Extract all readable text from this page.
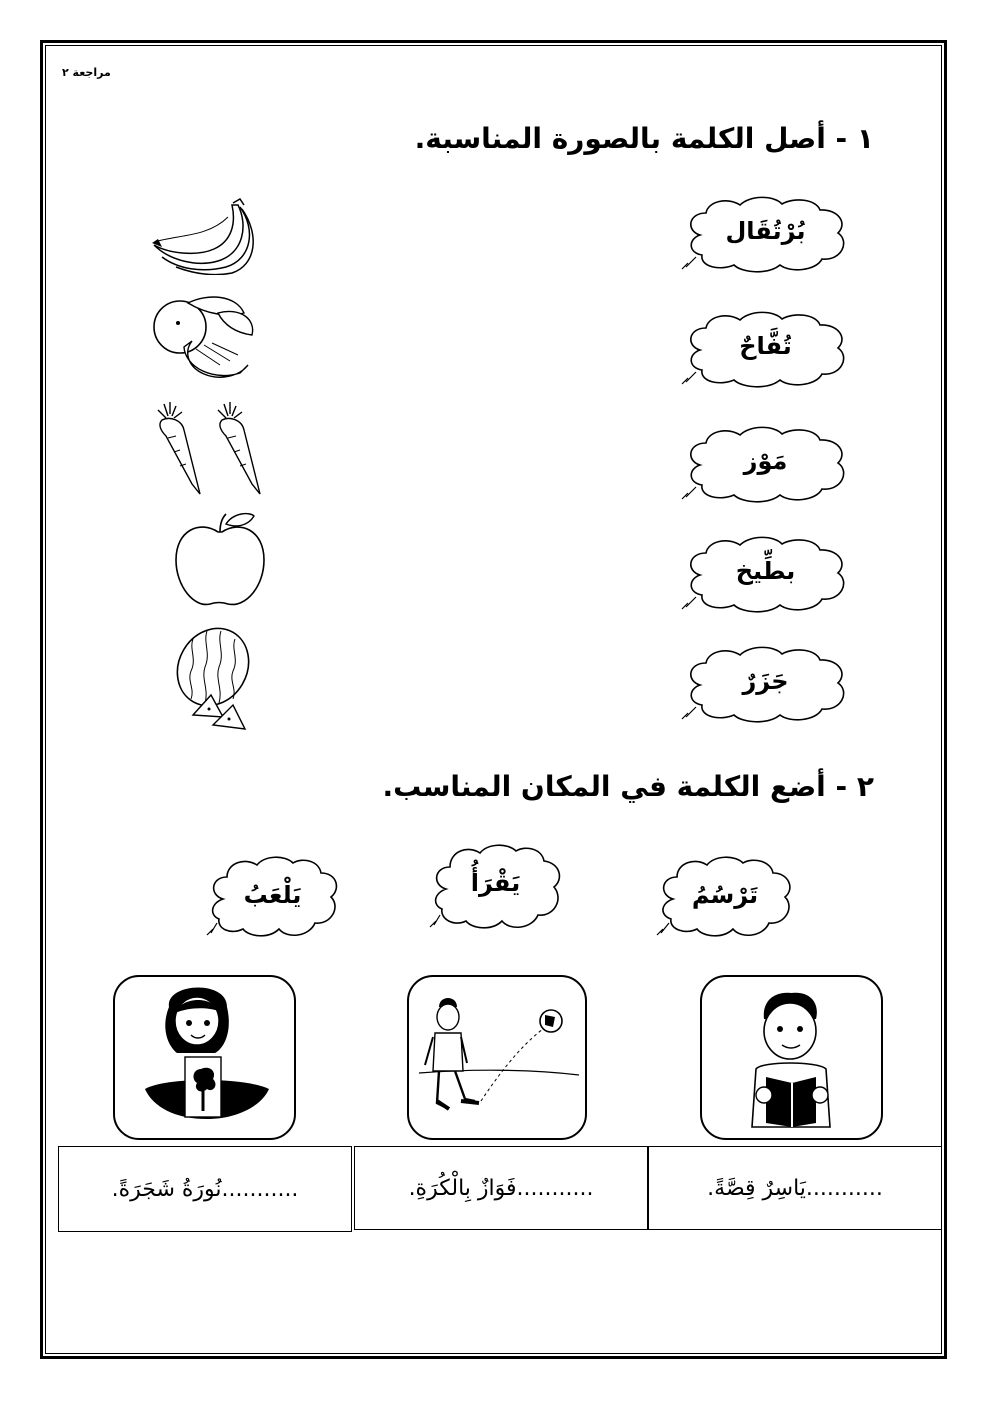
مراجعة ٢
١ - أصل الكلمة بالصورة المناسبة.
بُرْتُقَال
تُفَّاحٌ
مَوْز
بطِّيخ
جَزَرٌ
٢ - أضع الكلمة في المكان المناسب.
تَرْسُمُ
يَقْرَأُ
يَلْعَبُ
...........يَاسِرٌ قِصَّةً.
...........فَوَازٌ بِالْكُرَةِ.
...........نُورَةُ شَجَرَةً.
